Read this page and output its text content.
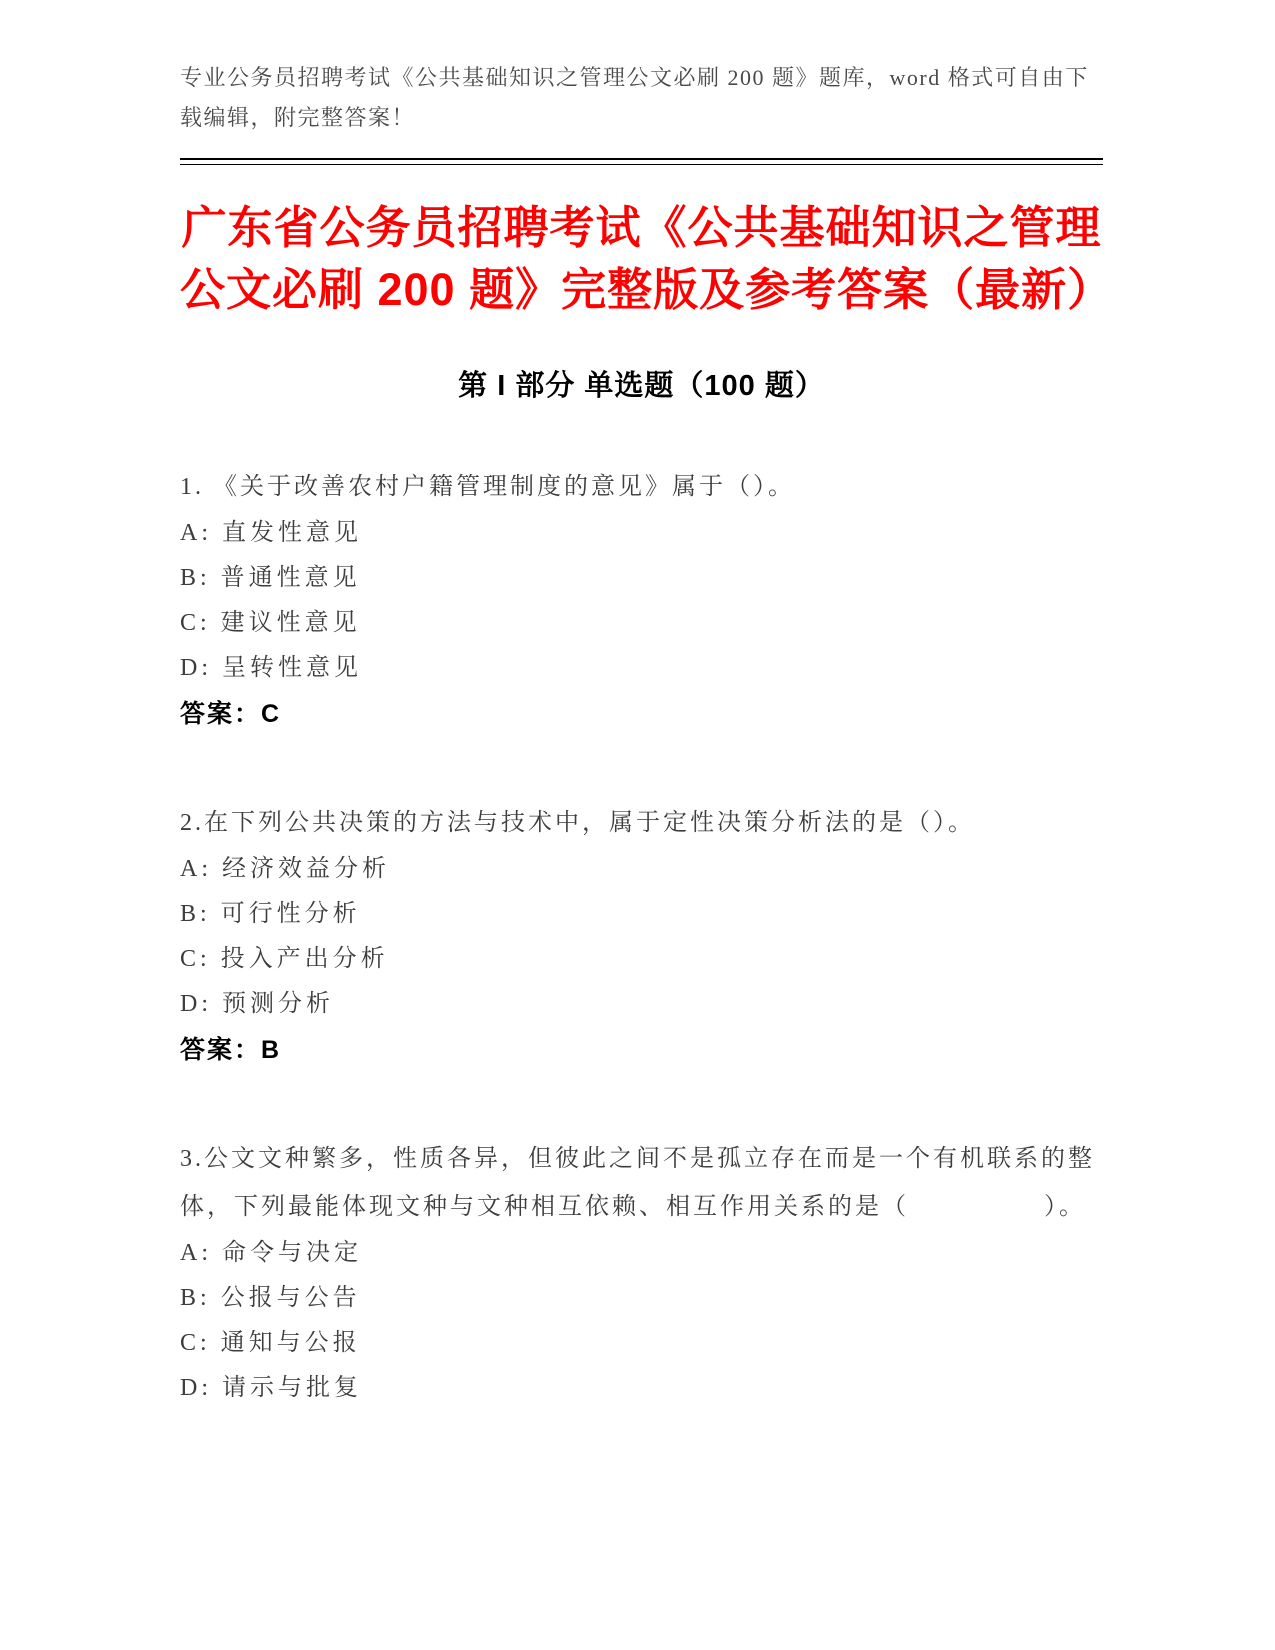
专业公务员招聘考试《公共基础知识之管理公文必刷 200 题》题库，word 格式可自由下载编辑，附完整答案！
广东省公务员招聘考试《公共基础知识之管理公文必刷 200 题》完整版及参考答案（最新）
第 I 部分 单选题（100 题）

1. 《关于改善农村户籍管理制度的意见》属于（）。

A: 直发性意见

B: 普通性意见

C: 建议性意见

D: 呈转性意见

答案：C

2.在下列公共决策的方法与技术中，属于定性决策分析法的是（）。

A: 经济效益分析

B: 可行性分析

C: 投入产出分析

D: 预测分析

答案：B

3.公文文种繁多，性质各异，但彼此之间不是孤立存在而是一个有机联系的整体，下列最能体现文种与文种相互依赖、相互作用关系的是（　　　　　）。

A: 命令与决定

B: 公报与公告

C: 通知与公报

D: 请示与批复
